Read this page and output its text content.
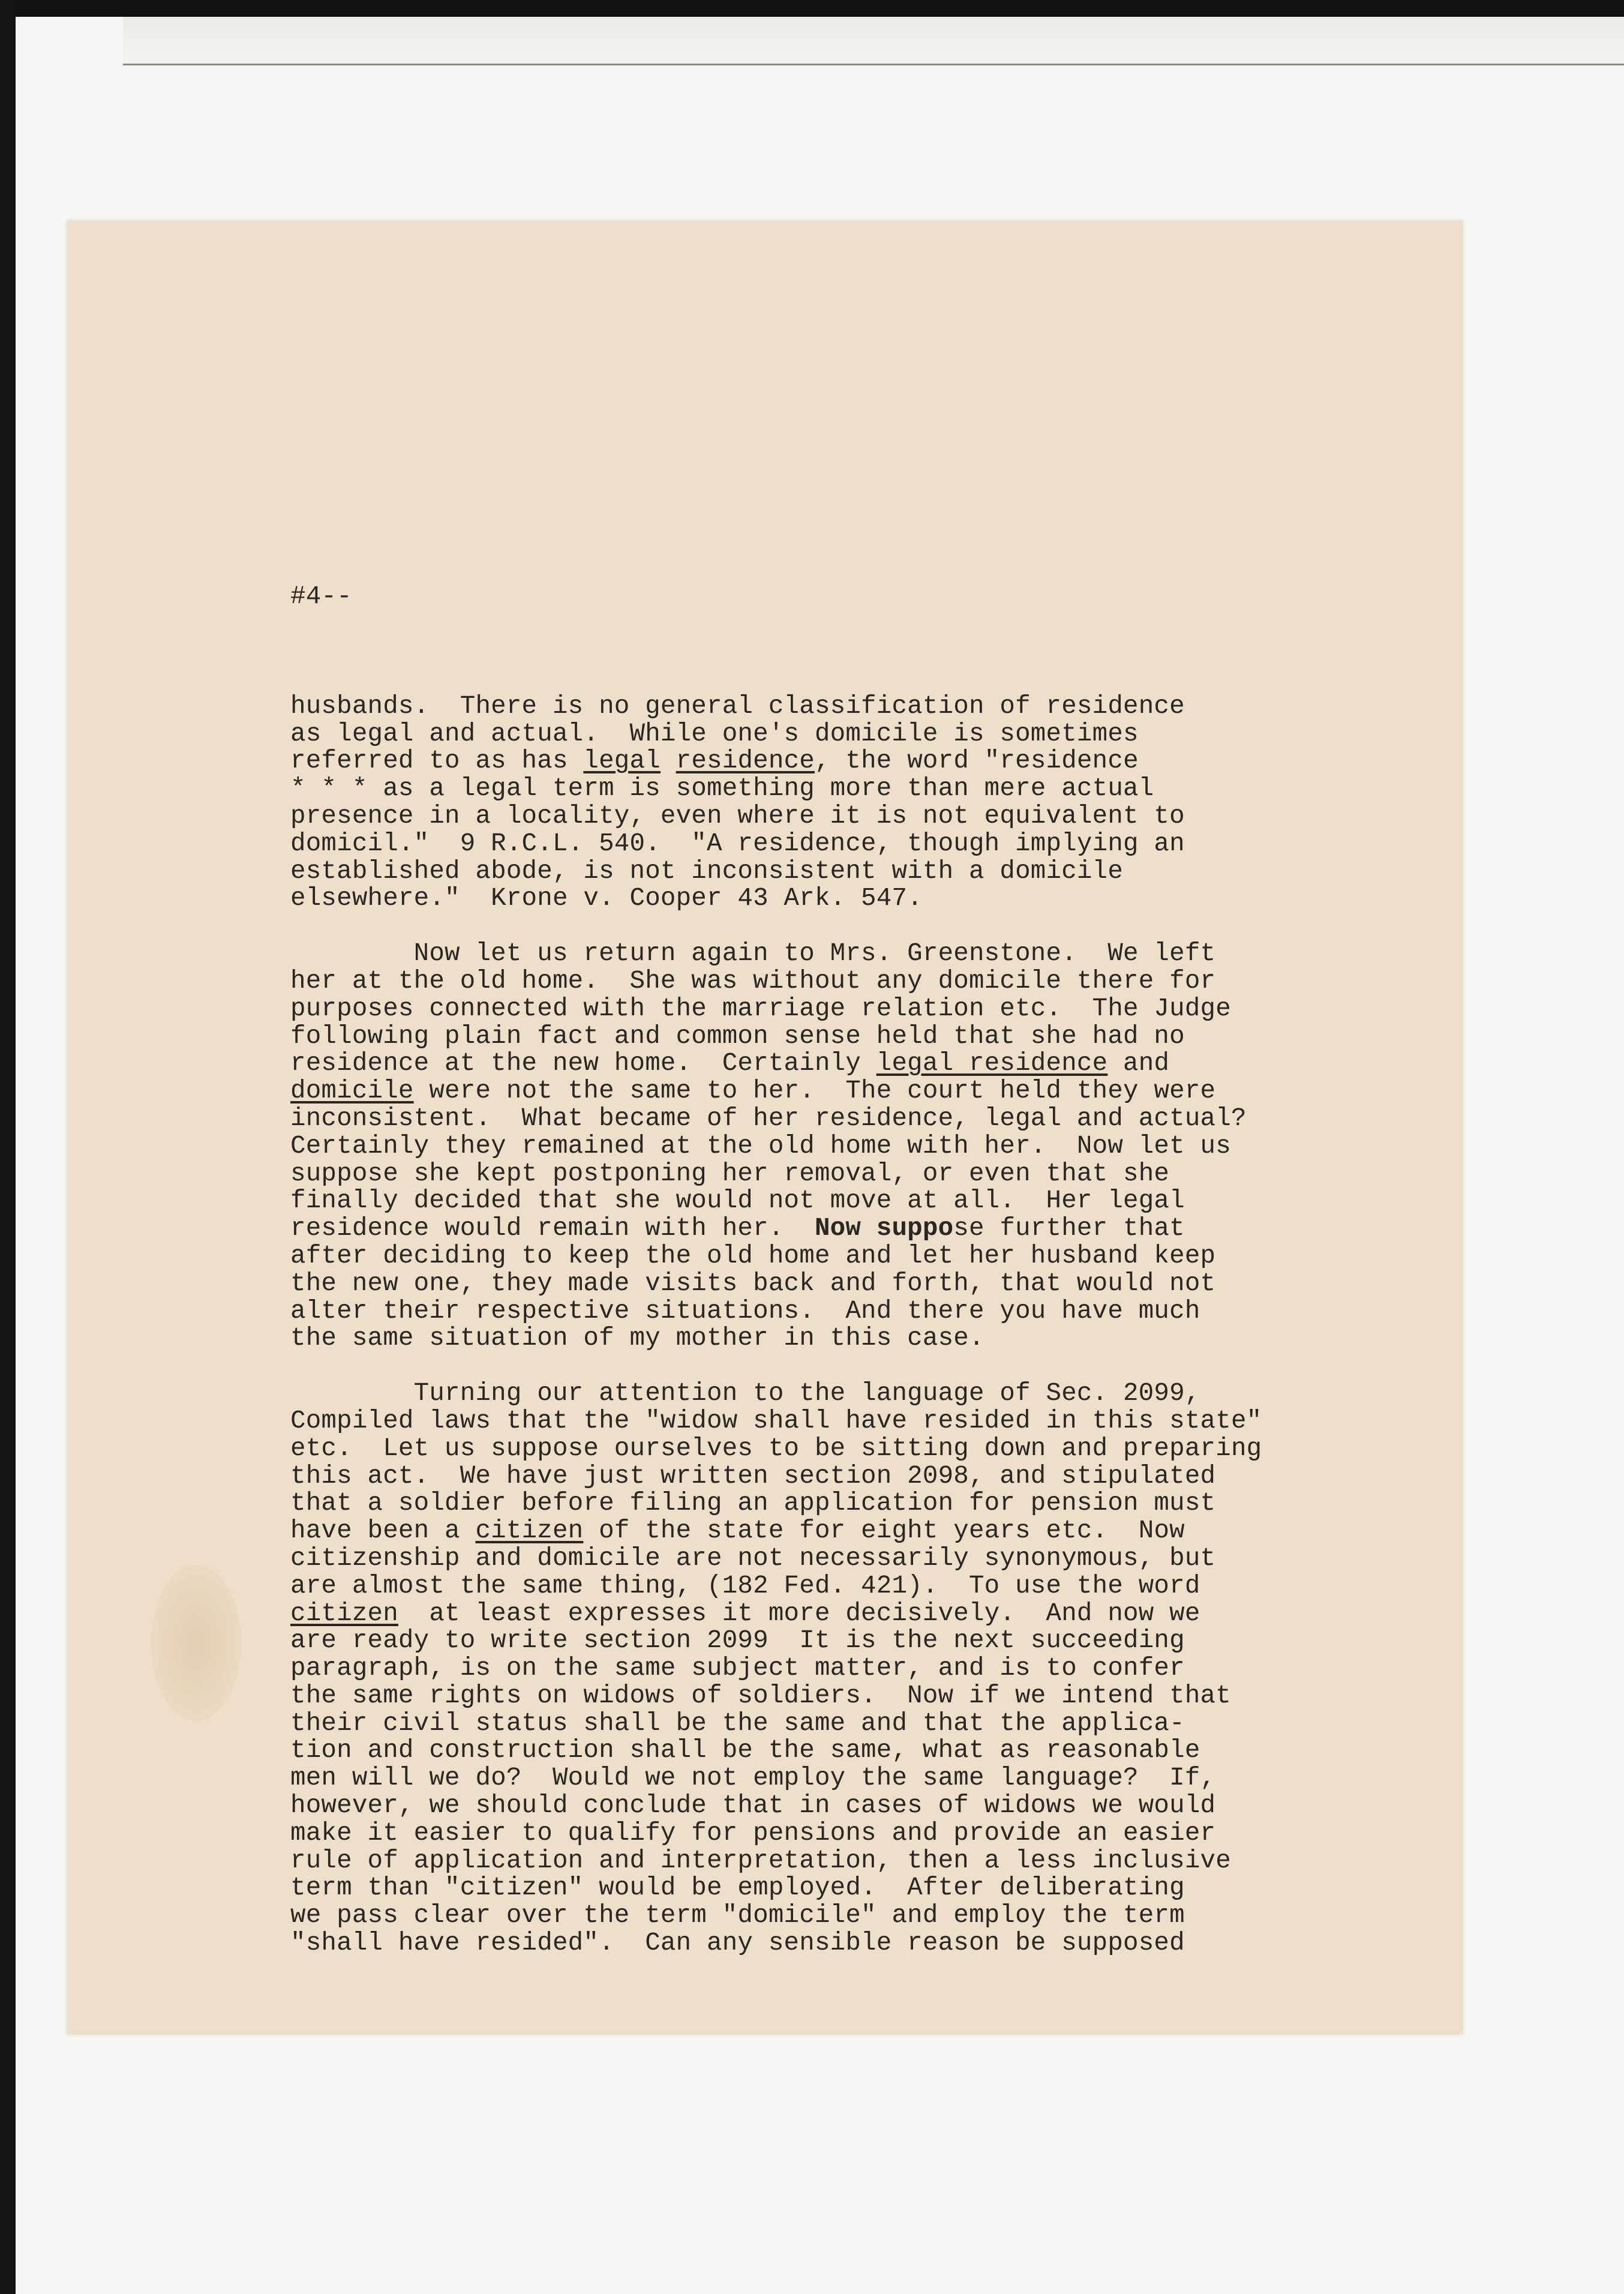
#4--
husbands.  There is no general classification of residence
as legal and actual.  While one's domicile is sometimes
referred to as has legal residence, the word "residence
* * * as a legal term is something more than mere actual
presence in a locality, even where it is not equivalent to
domicil."  9 R.C.L. 540.  "A residence, though implying an
established abode, is not inconsistent with a domicile
elsewhere."  Krone v. Cooper 43 Ark. 547.
Now let us return again to Mrs. Greenstone.  We left
her at the old home.  She was without any domicile there for
purposes connected with the marriage relation etc.  The Judge
following plain fact and common sense held that she had no
residence at the new home.  Certainly legal residence and
domicile were not the same to her.  The court held they were
inconsistent.  What became of her residence, legal and actual?
Certainly they remained at the old home with her.  Now let us
suppose she kept postponing her removal, or even that she
finally decided that she would not move at all.  Her legal
residence would remain with her.  Now suppose further that
after deciding to keep the old home and let her husband keep
the new one, they made visits back and forth, that would not
alter their respective situations.  And there you have much
the same situation of my mother in this case.
Turning our attention to the language of Sec. 2099,
Compiled laws that the "widow shall have resided in this state"
etc.  Let us suppose ourselves to be sitting down and preparing
this act.  We have just written section 2098, and stipulated
that a soldier before filing an application for pension must
have been a citizen of the state for eight years etc.  Now
citizenship and domicile are not necessarily synonymous, but
are almost the same thing, (182 Fed. 421).  To use the word
citizen  at least expresses it more decisively.  And now we
are ready to write section 2099  It is the next succeeding
paragraph, is on the same subject matter, and is to confer
the same rights on widows of soldiers.  Now if we intend that
their civil status shall be the same and that the applica-
tion and construction shall be the same, what as reasonable
men will we do?  Would we not employ the same language?  If,
however, we should conclude that in cases of widows we would
make it easier to qualify for pensions and provide an easier
rule of application and interpretation, then a less inclusive
term than "citizen" would be employed.  After deliberating
we pass clear over the term "domicile" and employ the term
"shall have resided".  Can any sensible reason be supposed
